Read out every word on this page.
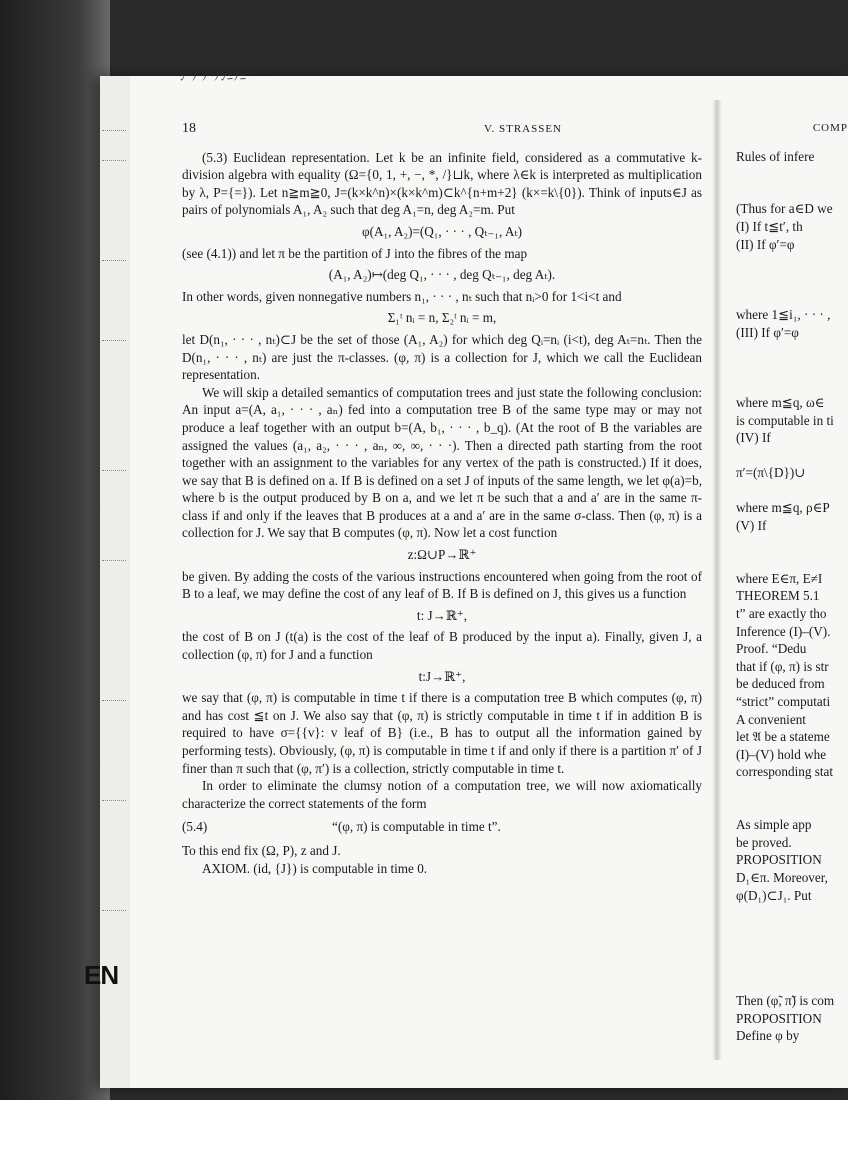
EN
ﾝﾞﾉ ﾉﾟﾉﾝﾆﾉﾆﾟﾞ ﾞﾞ
18	V. STRASSEN

(5.3) Euclidean representation. Let k be an infinite field, considered as a commutative k-division algebra with equality (Ω={0, 1, +, −, *, /}⊔k, where λ∈k is interpreted as multiplication by λ, P={=}). Let n≧m≧0, J=(k×k^n)×(k×k^m)⊂k^{n+m+2} (k×=k\{0}). Think of inputs∈J as pairs of polynomials A₁, A₂ such that deg A₁=n, deg A₂=m. Put

φ(A₁, A₂)=(Q₁, · · · , Qₜ₋₁, Aₜ)

(see (4.1)) and let π be the partition of J into the fibres of the map

(A₁, A₂)↦(deg Q₁, · · · , deg Qₜ₋₁, deg Aₜ).

In other words, given nonnegative numbers n₁, · · · , nₜ such that nᵢ>0 for 1<i<t and

Σ₁ᵗ nᵢ = n, Σ₂ᵗ nᵢ = m,

let D(n₁, · · · , nₜ)⊂J be the set of those (A₁, A₂) for which deg Qᵢ=nᵢ (i<t), deg Aₜ=nₜ. Then the D(n₁, · · · , nₜ) are just the π-classes. (φ, π) is a collection for J, which we call the Euclidean representation.

We will skip a detailed semantics of computation trees and just state the following conclusion: An input a=(A, a₁, · · · , aₙ) fed into a computation tree B of the same type may or may not produce a leaf together with an output b=(A, b₁, · · · , b_q). (At the root of B the variables are assigned the values (a₁, a₂, · · · , aₙ, ∞, ∞, · · ·). Then a directed path starting from the root together with an assignment to the variables for any vertex of the path is constructed.) If it does, we say that B is defined on a. If B is defined on a set J of inputs of the same length, we let φ(a)=b, where b is the output produced by B on a, and we let π be such that a and a′ are in the same π-class if and only if the leaves that B produces at a and a′ are in the same σ-class. Then (φ, π) is a collection for J. We say that B computes (φ, π). Now let a cost function

z:Ω∪P→ℝ⁺

be given. By adding the costs of the various instructions encountered when going from the root of B to a leaf, we may define the cost of any leaf of B. If B is defined on J, this gives us a function

t: J→ℝ⁺,

the cost of B on J (t(a) is the cost of the leaf of B produced by the input a). Finally, given J, a collection (φ, π) for J and a function

t:J→ℝ⁺,

we say that (φ, π) is computable in time t if there is a computation tree B which computes (φ, π) and has cost ≦t on J. We also say that (φ, π) is strictly computable in time t if in addition B is required to have σ={{v}: v leaf of B} (i.e., B has to output all the information gained by performing tests). Obviously, (φ, π) is computable in time t if and only if there is a partition π′ of J finer than π such that (φ, π′) is a collection, strictly computable in time t.

In order to eliminate the clumsy notion of a computation tree, we will now axiomatically characterize the correct statements of the form

(5.4)	“(φ, π) is computable in time t”.

To this end fix (Ω, P), z and J.

AXIOM. (id, {J}) is computable in time 0.

COMP
Rules of infere
(Thus for a∈D we
(I) If t≦t′, th
(II) If φ′=φ
where 1≦i₁, · · · ,
(III) If φ′=φ
where m≦q, ω∈
is computable in ti
(IV) If
π′=(π\{D})∪
where m≦q, ρ∈P
(V) If
where E∈π, E≠I
THEOREM 5.1
t” are exactly tho
Inference (I)–(V).
Proof. “Dedu
that if (φ, π) is str
be deduced from
“strict” computati
A convenient
let 𝔄 be a stateme
(I)–(V) hold whe
corresponding stat
As simple app
be proved.
PROPOSITION
D₁∈π. Moreover,
φ(D₁)⊂J₁. Put
Then (φ̃, π̃) is com
PROPOSITION
Define φ by
